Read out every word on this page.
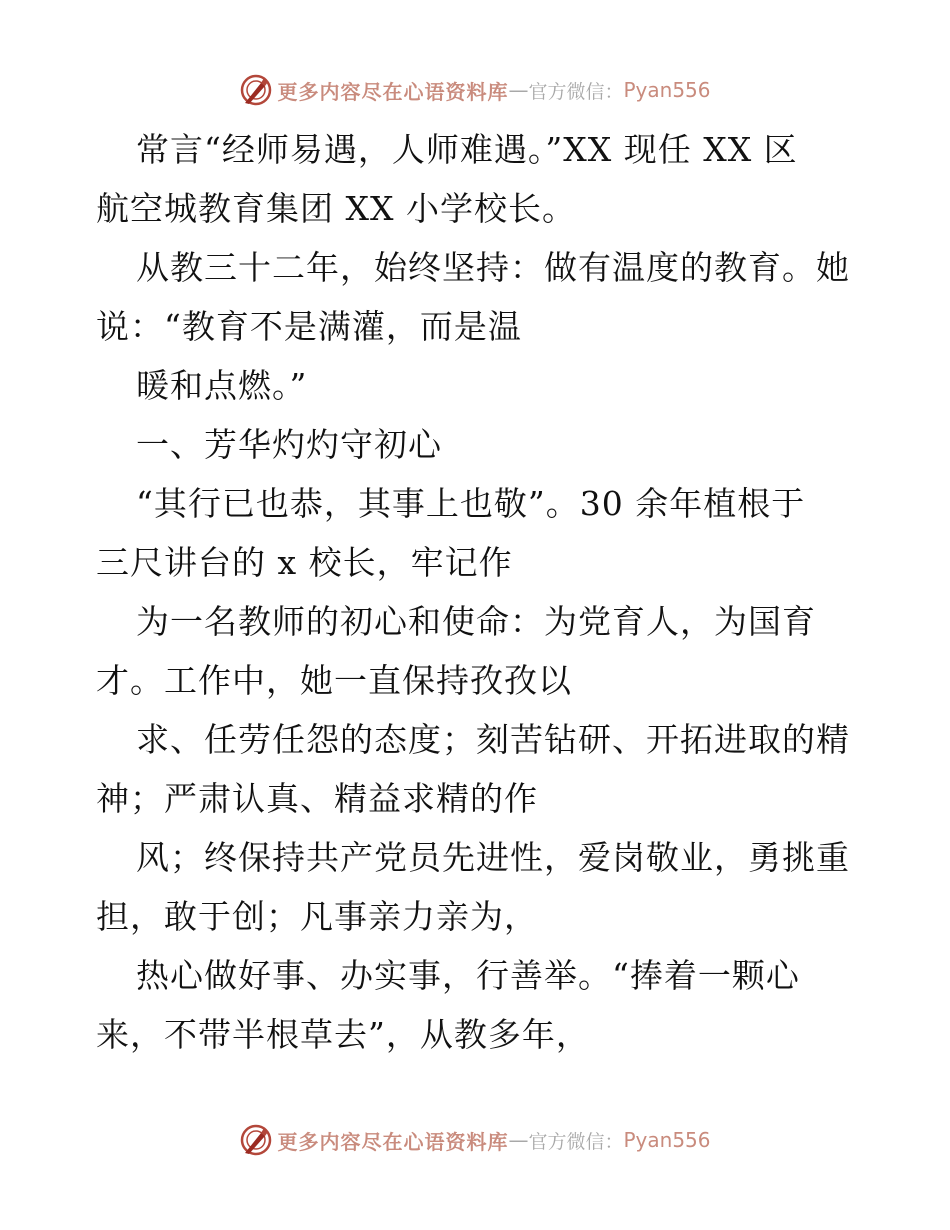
更多内容尽在心语资料库 — 官方微信： Pyan556
常言“经师易遇，人师难遇。”XX 现任 XX 区
航空城教育集团 XX 小学校长。
从教三十二年，始终坚持：做有温度的教育。她
说：“教育不是满灌，而是温
暖和点燃。”
一、芳华灼灼守初心
“其行已也恭，其事上也敬”。30 余年植根于
三尺讲台的 x 校长，牢记作
为一名教师的初心和使命：为党育人，为国育
才。工作中，她一直保持孜孜以
求、任劳任怨的态度；刻苦钻研、开拓进取的精
神；严肃认真、精益求精的作
风；终保持共产党员先进性，爱岗敬业，勇挑重
担，敢于创；凡事亲力亲为，
热心做好事、办实事，行善举。“捧着一颗心
来，不带半根草去”，从教多年，
更多内容尽在心语资料库 — 官方微信： Pyan556
